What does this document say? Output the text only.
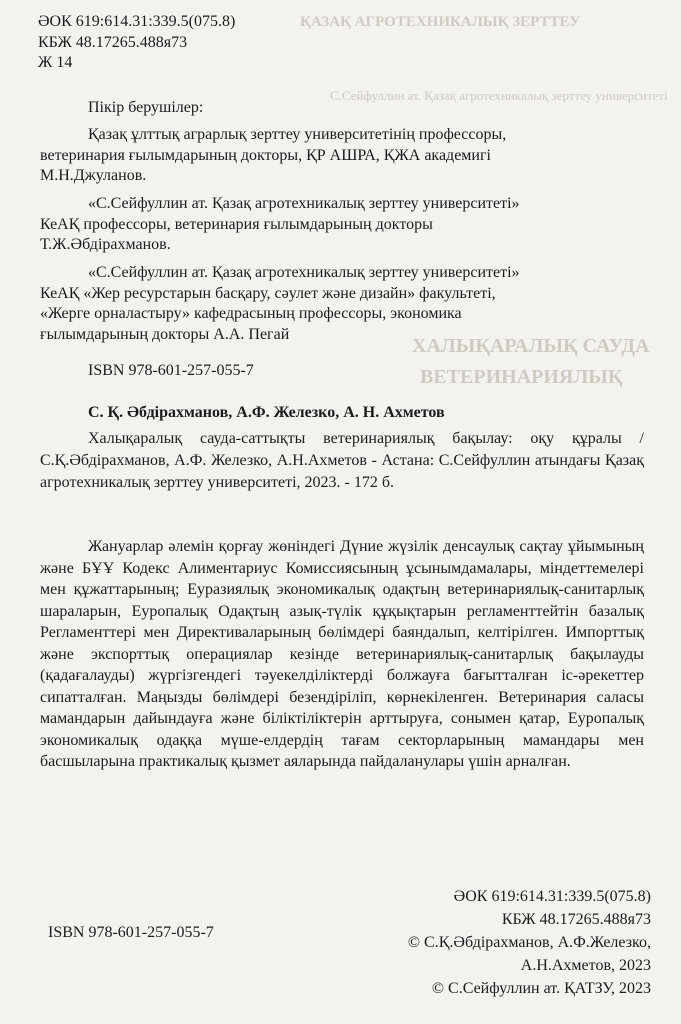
ҚАЗАҚ АГРОТЕХНИКАЛЫҚ ЗЕРТТЕУ
С.Сейфуллин ат. Қазақ агротехникалық зерттеу университеті
ХАЛЫҚАРАЛЫҚ САУДА
ВЕТЕРИНАРИЯЛЫҚ
ӘОК 619:614.31:339.5(075.8)
КБЖ 48.17265.488я73
Ж 14
Пікір берушілер:
Қазақ ұлттық аграрлық зерттеу университетінің профессоры,
ветеринария ғылымдарының докторы, ҚР АШРА, ҚЖА академигі
М.Н.Джуланов.
«С.Сейфуллин ат. Қазақ агротехникалық зерттеу университеті»
КеАҚ профессоры, ветеринария ғылымдарының докторы
Т.Ж.Әбдірахманов.
«С.Сейфуллин ат. Қазақ агротехникалық зерттеу университеті»
КеАҚ «Жер ресурстарын басқару, сәулет және дизайн» факультеті,
«Жерге орналастыру» кафедрасының профессоры, экономика
ғылымдарының докторы А.А. Пегай
ISBN 978-601-257-055-7
С. Қ. Әбдірахманов, А.Ф. Железко, А. Н. Ахметов
Халықаралық сауда-саттықты ветеринариялық бақылау: оқу құралы / С.Қ.Әбдірахманов, А.Ф. Железко, А.Н.Ахметов - Астана: С.Сейфуллин атындағы Қазақ агротехникалық зерттеу университеті, 2023. - 172 б.
Жануарлар әлемін қорғау жөніндегі Дүние жүзілік денсаулық сақтау ұйымының және БҰҰ Кодекс Алиментариус Комиссиясының ұсынымдамалары, міндеттемелері мен құжаттарының; Еуразиялық экономикалық одақтың ветеринариялық-санитарлық шараларын, Еуропалық Одақтың азық-түлік құқықтарын регламенттейтін базалық Регламенттері мен Директиваларының бөлімдері баяндалып, келтірілген. Импорттық және экспорттық операциялар кезінде ветеринариялық-санитарлық бақылауды (қадағалауды) жүргізгендегі тәуекелділіктерді болжауға бағытталған іс-әрекеттер сипатталған. Маңызды бөлімдері безендіріліп, көрнекіленген. Ветеринария саласы мамандарын дайындауға және біліктіліктерін арттыруға, сонымен қатар, Еуропалық экономикалық одаққа мүше-елдердің тағам секторларының мамандары мен басшыларына практикалық қызмет аяларында пайдаланулары үшін арналған.
ӘОК 619:614.31:339.5(075.8)
КБЖ 48.17265.488я73
© С.Қ.Әбдірахманов, А.Ф.Железко,
А.Н.Ахметов, 2023
© С.Сейфуллин ат. ҚАТЗУ, 2023
ISBN 978-601-257-055-7
